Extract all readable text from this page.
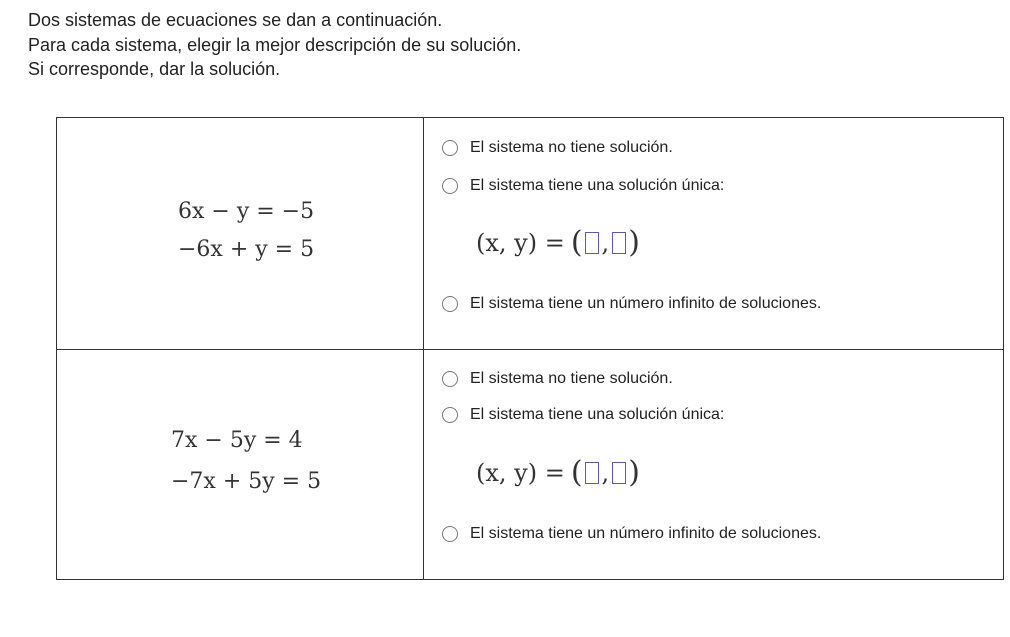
Dos sistemas de ecuaciones se dan a continuación.
Para cada sistema, elegir la mejor descripción de su solución.
Si corresponde, dar la solución.
6x − y = −5
−6x + y = 5
El sistema no tiene solución.
El sistema tiene una solución única:
(x, y) = ( , )
El sistema tiene un número infinito de soluciones.
7x − 5y = 4
−7x + 5y = 5
El sistema no tiene solución.
El sistema tiene una solución única:
(x, y) = ( , )
El sistema tiene un número infinito de soluciones.
